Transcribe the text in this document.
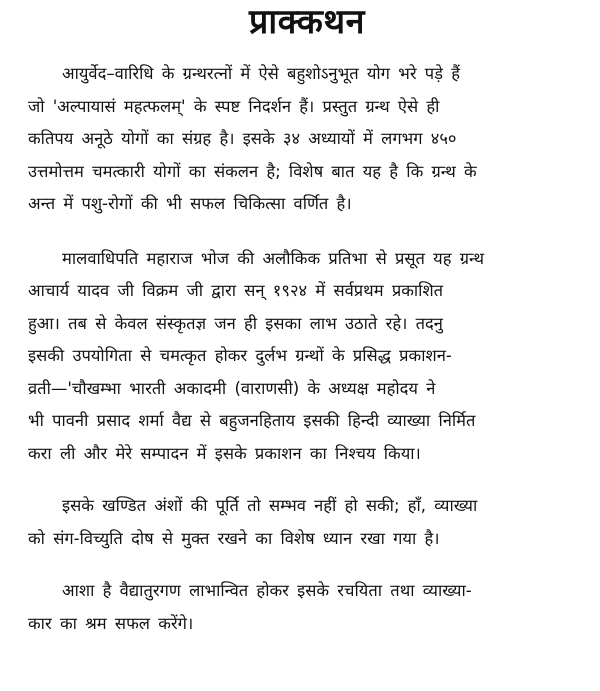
प्राक्कथन

आयुर्वेद–वारिधि के ग्रन्थरत्नों में ऐसे बहुशोऽनुभूत योग भरे पड़े हैं
जो 'अल्पायासं महत्फलम्' के स्पष्ट निदर्शन हैं। प्रस्तुत ग्रन्थ ऐसे ही
कतिपय अनूठे योगों का संग्रह है। इसके ३४ अध्यायों में लगभग ४५०
उत्तमोत्तम चमत्कारी योगों का संकलन है; विशेष बात यह है कि ग्रन्थ के
अन्त में पशु-रोगों की भी सफल चिकित्सा वर्णित है।

मालवाधिपति महाराज भोज की अलौकिक प्रतिभा से प्रसूत यह ग्रन्थ
आचार्य यादव जी विक्रम जी द्वारा सन् १९२४ में सर्वप्रथम प्रकाशित
हुआ। तब से केवल संस्कृतज्ञ जन ही इसका लाभ उठाते रहे। तदनु
इसकी उपयोगिता से चमत्कृत होकर दुर्लभ ग्रन्थों के प्रसिद्ध प्रकाशन-
व्रती—'चौखम्भा भारती अकादमी (वाराणसी) के अध्यक्ष महोदय ने
भी पावनी प्रसाद शर्मा वैद्य से बहुजनहिताय इसकी हिन्दी व्याख्या निर्मित
करा ली और मेरे सम्पादन में इसके प्रकाशन का निश्चय किया।

इसके खण्डित अंशों की पूर्ति तो सम्भव नहीं हो सकी; हाँ, व्याख्या
को संग-विच्युति दोष से मुक्त रखने का विशेष ध्यान रखा गया है।

आशा है वैद्यातुरगण लाभान्वित होकर इसके रचयिता तथा व्याख्या-
कार का श्रम सफल करेंगे।
